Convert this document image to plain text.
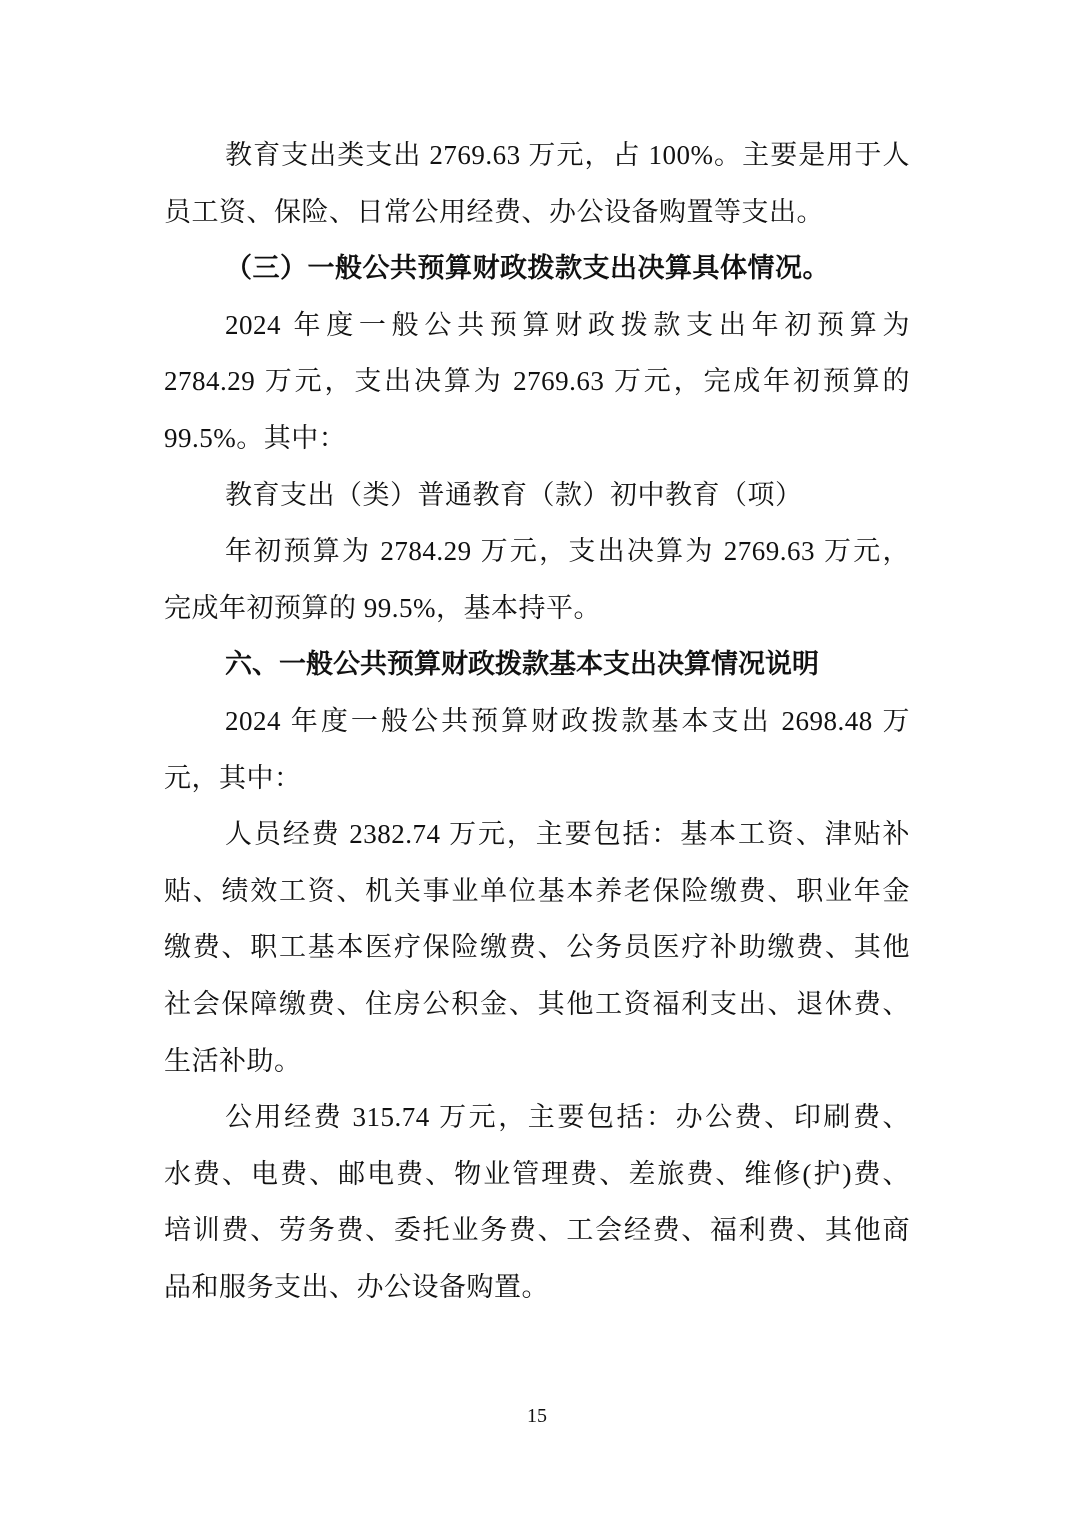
教育支出类支出 2769.63 万元，占 100%。主要是用于人
员工资、保险、日常公用经费、办公设备购置等支出。
（三）一般公共预算财政拨款支出决算具体情况。
2024 年度一般公共预算财政拨款支出年初预算为
2784.29 万元，支出决算为 2769.63 万元，完成年初预算的
99.5%。其中：
教育支出（类）普通教育（款）初中教育（项）
年初预算为 2784.29 万元，支出决算为 2769.63 万元，
完成年初预算的 99.5%，基本持平。
六、一般公共预算财政拨款基本支出决算情况说明
2024 年度一般公共预算财政拨款基本支出 2698.48 万
元，其中：
人员经费 2382.74 万元，主要包括：基本工资、津贴补
贴、绩效工资、机关事业单位基本养老保险缴费、职业年金
缴费、职工基本医疗保险缴费、公务员医疗补助缴费、其他
社会保障缴费、住房公积金、其他工资福利支出、退休费、
生活补助。
公用经费 315.74 万元，主要包括：办公费、印刷费、
水费、电费、邮电费、物业管理费、差旅费、维修(护)费、
培训费、劳务费、委托业务费、工会经费、福利费、其他商
品和服务支出、办公设备购置。
15
